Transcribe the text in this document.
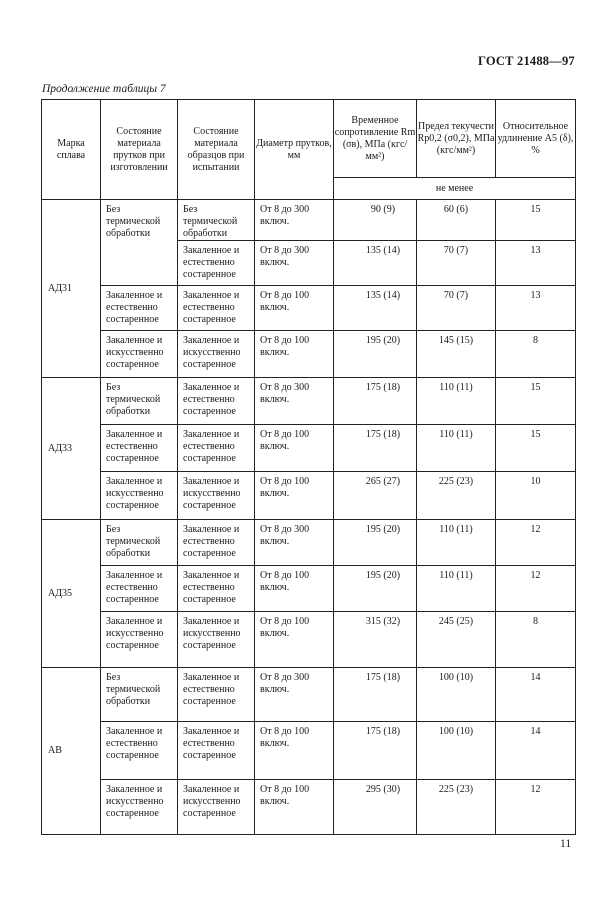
ГОСТ 21488—97
Продолжение таблицы 7
Марка сплава	Состояние материала прутков при изготовлении	Состояние материала образцов при испытании	Диаметр прутков, мм	Временное сопротивление Rm (σв), МПа (кгс/мм²)	Предел текучести Rp0,2 (σ0,2), МПа (кгс/мм²)	Относительное удлинение A5 (δ), %
				не менее		
АД31	Без термической обработки	Без термической обработки	От 8 до 300 включ.	90 (9)	60 (6)	15
		Закаленное и естественно состаренное	От 8 до 300 включ.	135 (14)	70 (7)	13
	Закаленное и естественно состаренное	Закаленное и естественно состаренное	От 8 до 100 включ.	135 (14)	70 (7)	13
	Закаленное и искусственно состаренное	Закаленное и искусственно состаренное	От 8 до 100 включ.	195 (20)	145 (15)	8
АД33	Без термической обработки	Закаленное и естественно состаренное	От 8 до 300 включ.	175 (18)	110 (11)	15
	Закаленное и естественно состаренное	Закаленное и естественно состаренное	От 8 до 100 включ.	175 (18)	110 (11)	15
	Закаленное и искусственно состаренное	Закаленное и искусственно состаренное	От 8 до 100 включ.	265 (27)	225 (23)	10
АД35	Без термической обработки	Закаленное и естественно состаренное	От 8 до 300 включ.	195 (20)	110 (11)	12
	Закаленное и естественно состаренное	Закаленное и естественно состаренное	От 8 до 100 включ.	195 (20)	110 (11)	12
	Закаленное и искусственно состаренное	Закаленное и искусственно состаренное	От 8 до 100 включ.	315 (32)	245 (25)	8
АВ	Без термической обработки	Закаленное и естественно состаренное	От 8 до 300 включ.	175 (18)	100 (10)	14
	Закаленное и естественно состаренное	Закаленное и естественно состаренное	От 8 до 100 включ.	175 (18)	100 (10)	14
	Закаленное и искусственно состаренное	Закаленное и искусственно состаренное	От 8 до 100 включ.	295 (30)	225 (23)	12
11
